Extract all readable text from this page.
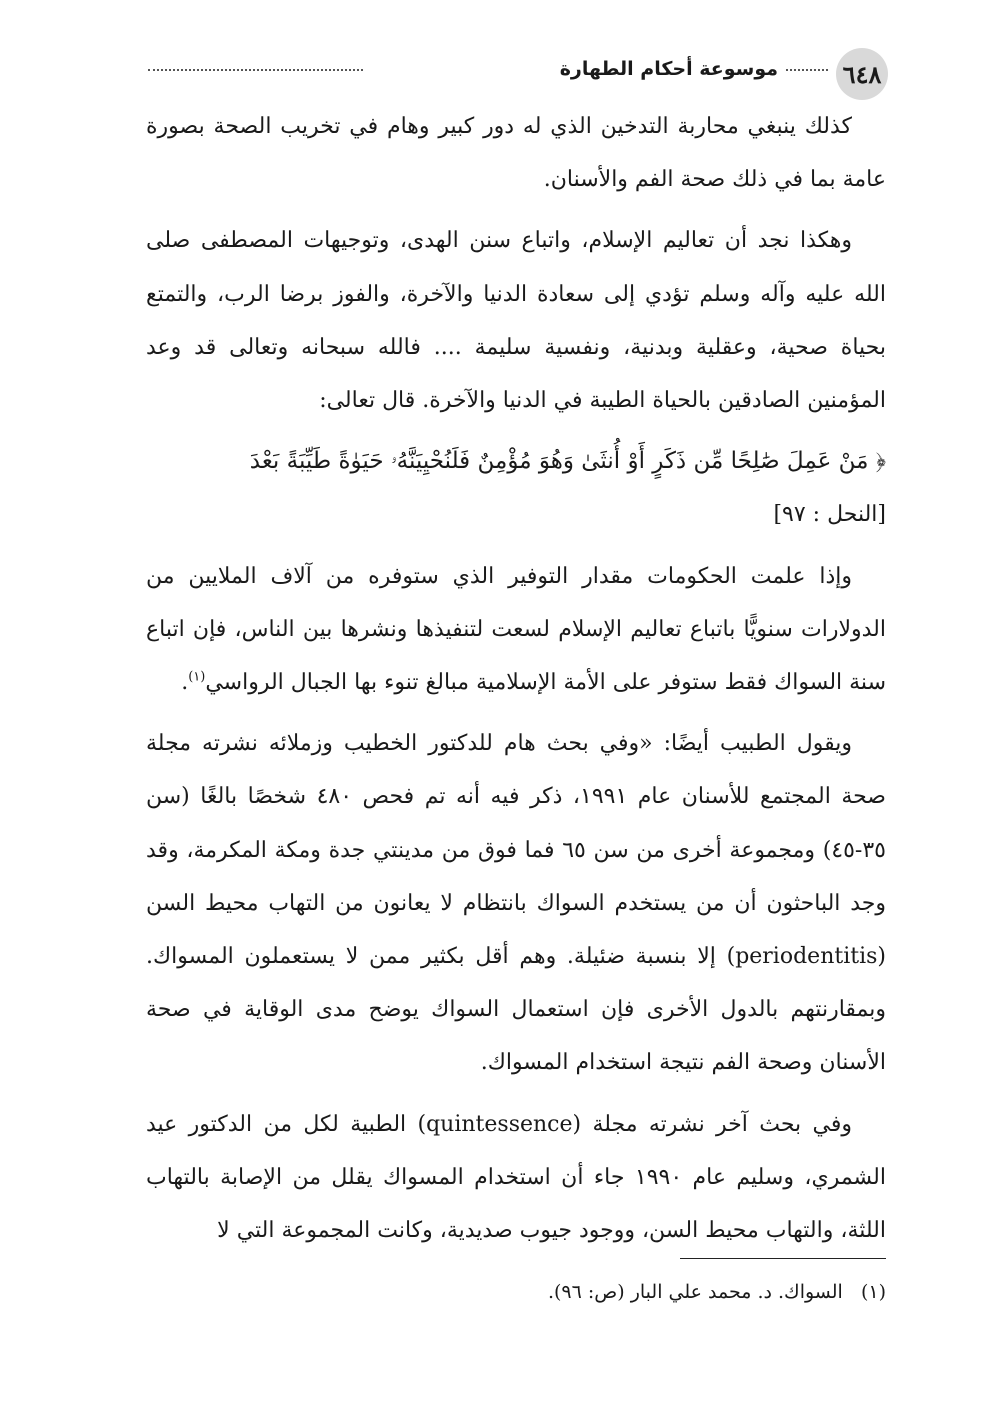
٦٤٨
موسوعة أحكام الطهارة

كذلك ينبغي محاربة التدخين الذي له دور كبير وهام في تخريب الصحة بصورة عامة بما في ذلك صحة الفم والأسنان.

وهكذا نجد أن تعاليم الإسلام، واتباع سنن الهدى، وتوجيهات المصطفى صلى الله عليه وآله وسلم تؤدي إلى سعادة الدنيا والآخرة، والفوز برضا الرب، والتمتع بحياة صحية، وعقلية وبدنية، ونفسية سليمة .... فالله سبحانه وتعالى قد وعد المؤمنين الصادقين بالحياة الطيبة في الدنيا والآخرة. قال تعالى:

﴿ مَنْ عَمِلَ صَٰلِحًا مِّن ذَكَرٍ أَوْ أُنثَىٰ وَهُوَ مُؤْمِنٌ فَلَنُحْيِيَنَّهُۥ حَيَوٰةً طَيِّبَةً بَعْدَ

[النحل : ٩٧]

وإذا علمت الحكومات مقدار التوفير الذي ستوفره من آلاف الملايين من الدولارات سنويًّا باتباع تعاليم الإسلام لسعت لتنفيذها ونشرها بين الناس، فإن اتباع سنة السواك فقط ستوفر على الأمة الإسلامية مبالغ تنوء بها الجبال الرواسي$^{(١)}$.

ويقول الطبيب أيضًا: «وفي بحث هام للدكتور الخطيب وزملائه نشرته مجلة صحة المجتمع للأسنان عام ١٩٩١، ذكر فيه أنه تم فحص ٤٨٠ شخصًا بالغًا (سن ٣٥-٤٥) ومجموعة أخرى من سن ٦٥ فما فوق من مدينتي جدة ومكة المكرمة، وقد وجد الباحثون أن من يستخدم السواك بانتظام لا يعانون من التهاب محيط السن (periodentitis) إلا بنسبة ضئيلة. وهم أقل بكثير ممن لا يستعملون المسواك. وبمقارنتهم بالدول الأخرى فإن استعمال السواك يوضح مدى الوقاية في صحة الأسنان وصحة الفم نتيجة استخدام المسواك.

وفي بحث آخر نشرته مجلة (quintessence) الطبية لكل من الدكتور عيد الشمري، وسليم عام ١٩٩٠ جاء أن استخدام المسواك يقلل من الإصابة بالتهاب اللثة، والتهاب محيط السن، ووجود جيوب صديدية، وكانت المجموعة التي لا

(١)   السواك. د. محمد علي البار (ص: ٩٦).
